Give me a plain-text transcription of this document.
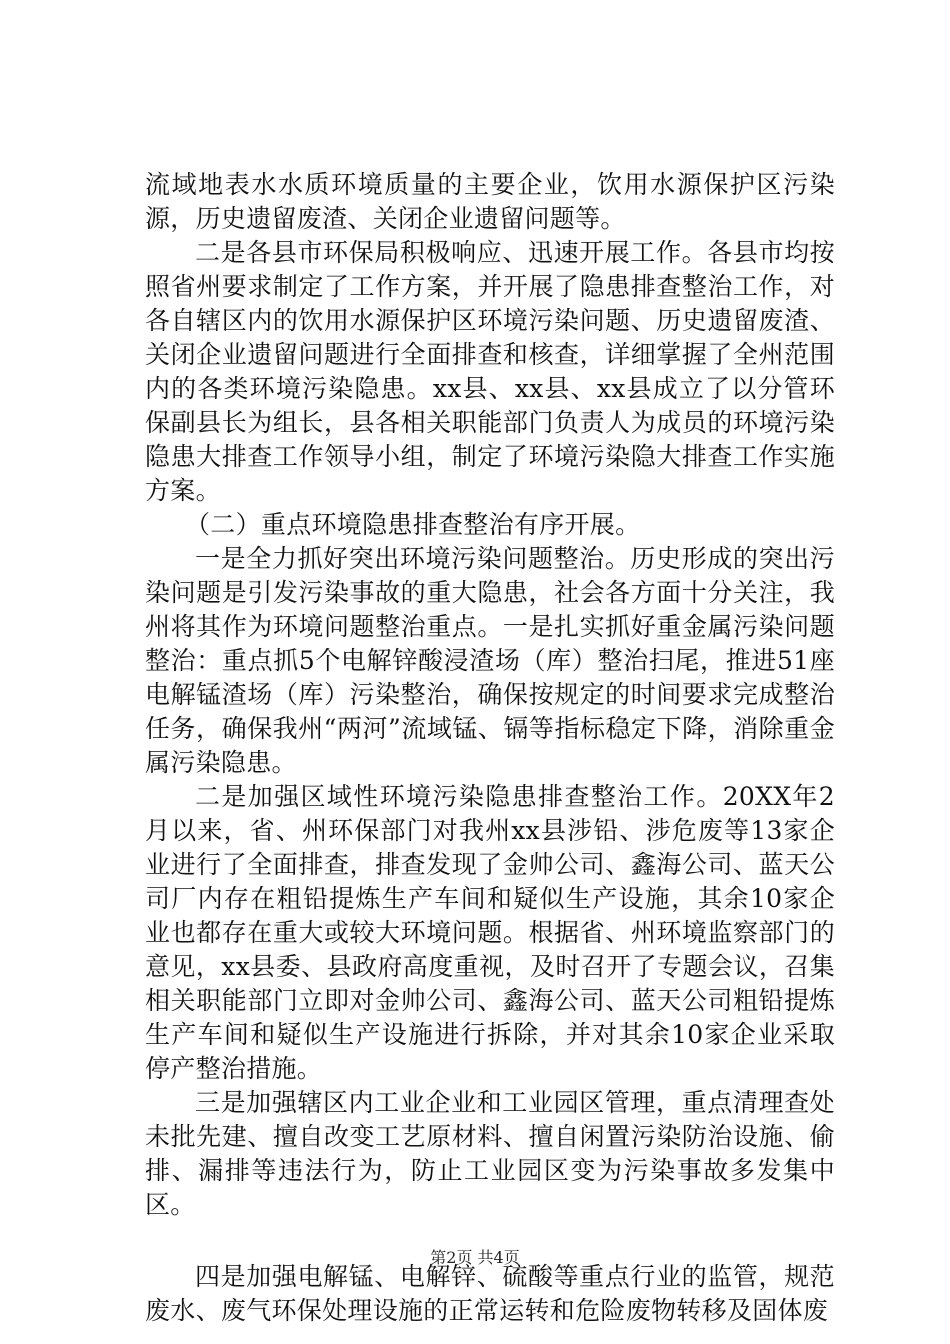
流域地表水水质环境质量的主要企业，饮用水源保护区污染源，历史遗留废渣、关闭企业遗留问题等。

二是各县市环保局积极响应、迅速开展工作。各县市均按照省州要求制定了工作方案，并开展了隐患排查整治工作，对各自辖区内的饮用水源保护区环境污染问题、历史遗留废渣、关闭企业遗留问题进行全面排查和核查，详细掌握了全州范围内的各类环境污染隐患。xx县、xx县、xx县成立了以分管环保副县长为组长，县各相关职能部门负责人为成员的环境污染隐患大排查工作领导小组，制定了环境污染隐大排查工作实施方案。

（二）重点环境隐患排查整治有序开展。

一是全力抓好突出环境污染问题整治。历史形成的突出污染问题是引发污染事故的重大隐患，社会各方面十分关注，我州将其作为环境问题整治重点。一是扎实抓好重金属污染问题整治：重点抓5个电解锌酸浸渣场（库）整治扫尾，推进51座电解锰渣场（库）污染整治，确保按规定的时间要求完成整治任务，确保我州“两河”流域锰、镉等指标稳定下降，消除重金属污染隐患。

二是加强区域性环境污染隐患排查整治工作。20XX年2月以来，省、州环保部门对我州xx县涉铅、涉危废等13家企业进行了全面排查，排查发现了金帅公司、鑫海公司、蓝天公司厂内存在粗铅提炼生产车间和疑似生产设施，其余10家企业也都存在重大或较大环境问题。根据省、州环境监察部门的意见，xx县委、县政府高度重视，及时召开了专题会议，召集相关职能部门立即对金帅公司、鑫海公司、蓝天公司粗铅提炼生产车间和疑似生产设施进行拆除，并对其余10家企业采取停产整治措施。

三是加强辖区内工业企业和工业园区管理，重点清理查处未批先建、擅自改变工艺原材料、擅自闲置污染防治设施、偷排、漏排等违法行为，防止工业园区变为污染事故多发集中区。

四是加强电解锰、电解锌、硫酸等重点行业的监管，规范废水、废气环保处理设施的正常运转和危险废物转移及固体废

第2页 共4页
